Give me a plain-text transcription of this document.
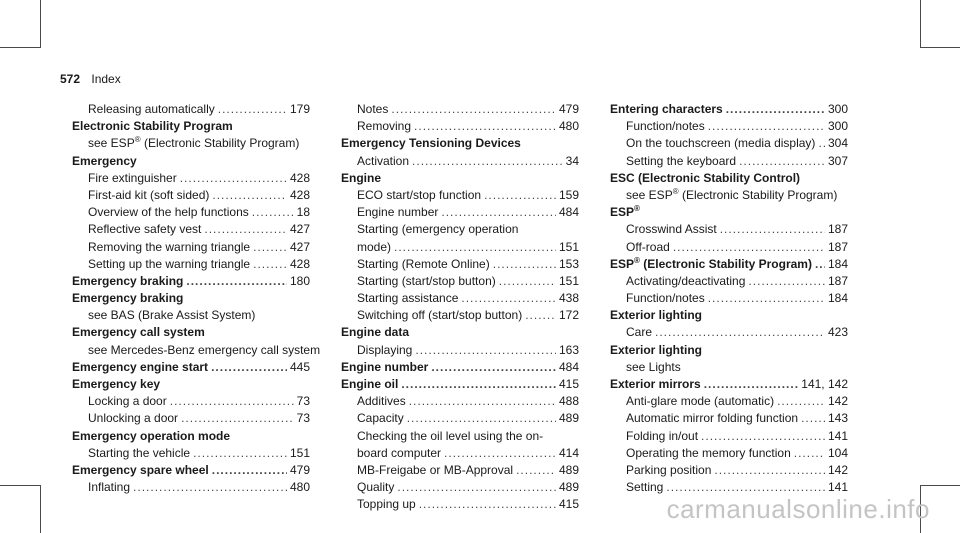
572 Index
Releasing automatically .....	179
Electronic Stability Program
see ESP® (Electronic Stability Program)
Emergency
Fire extinguisher .....	428
First-aid kit (soft sided) .....	428
Overview of the help functions .....	18
Reflective safety vest .....	427
Removing the warning triangle .....	427
Setting up the warning triangle .....	428
Emergency braking .....	180
Emergency braking
see BAS (Brake Assist System)
Emergency call system
see Mercedes-Benz emergency call system
Emergency engine start .....	445
Emergency key
Locking a door .....	73
Unlocking a door .....	73
Emergency operation mode
Starting the vehicle .....	151
Emergency spare wheel .....	479
Inflating .....	480
Notes .....	479
Removing .....	480
Emergency Tensioning Devices
Activation .....	34
Engine
ECO start/stop function .....	159
Engine number .....	484
Starting (emergency operation
mode) .....	151
Starting (Remote Online) .....	153
Starting (start/stop button) .....	151
Starting assistance .....	438
Switching off (start/stop button) .....	172
Engine data
Displaying .....	163
Engine number .....	484
Engine oil .....	415
Additives .....	488
Capacity .....	489
Checking the oil level using the on-
board computer .....	414
MB-Freigabe or MB-Approval .....	489
Quality .....	489
Topping up .....	415
Entering characters .....	300
Function/notes .....	300
On the touchscreen (media display) ..... 304
Setting the keyboard .....	307
ESC (Electronic Stability Control)
see ESP® (Electronic Stability Program)
ESP®
Crosswind Assist .....	187
Off-road .....	187
ESP® (Electronic Stability Program) ..... 184
Activating/deactivating .....	187
Function/notes .....	184
Exterior lighting
Care .....	423
Exterior lighting
see Lights
Exterior mirrors .....	141, 142
Anti-glare mode (automatic) .....	142
Automatic mirror folding function ..... 143
Folding in/out .....	141
Operating the memory function .....	104
Parking position .....	142
Setting .....	141
carmanualsonline.info
